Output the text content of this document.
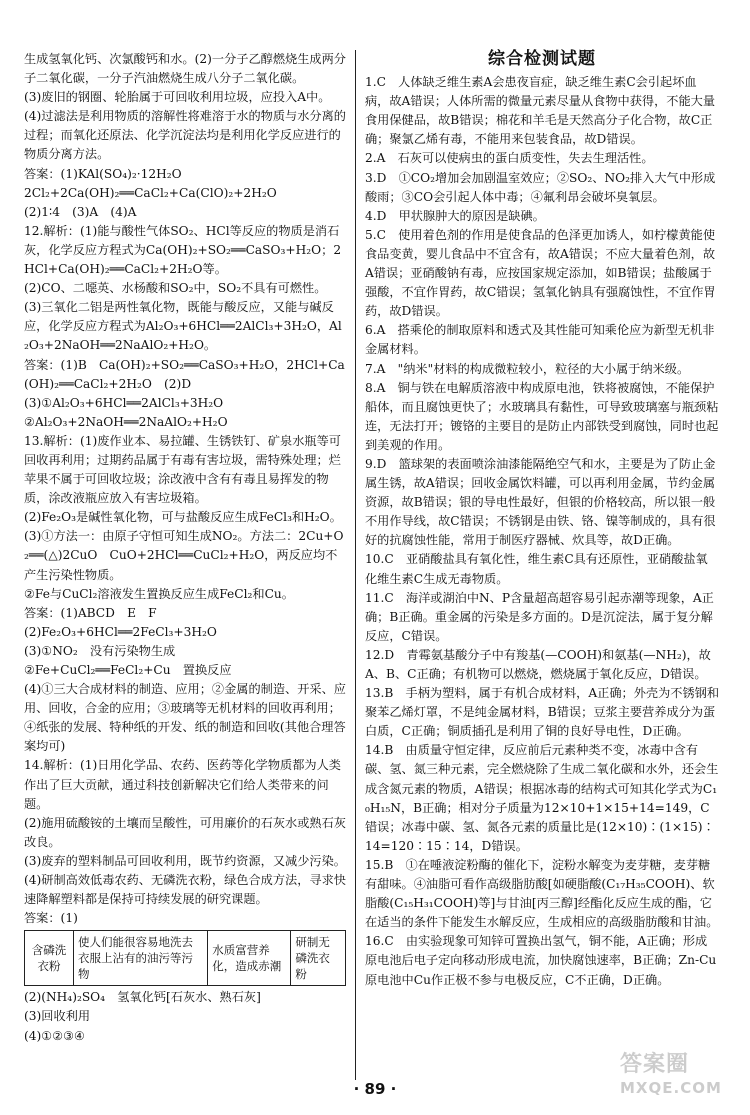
生成氢氧化钙、次氯酸钙和水。(2)一分子乙醇燃烧生成两分子二氧化碳，一分子汽油燃烧生成八分子二氧化碳。

(3)废旧的钢圈、轮胎属于可回收利用垃圾，应投入A中。

(4)过滤法是利用物质的溶解性将难溶于水的物质与水分离的过程；而氧化还原法、化学沉淀法均是利用化学反应进行的物质分离方法。

答案：(1)KAl(SO₄)₂·12H₂O

2Cl₂+2Ca(OH)₂══CaCl₂+Ca(ClO)₂+2H₂O

(2)1∶4　(3)A　(4)A

12.解析：(1)能与酸性气体SO₂、HCl等反应的物质是消石灰，化学反应方程式为Ca(OH)₂+SO₂══CaSO₃+H₂O；2HCl+Ca(OH)₂══CaCl₂+2H₂O等。

(2)CO、二噁英、水杨酸和SO₂中，SO₂不具有可燃性。

(3)三氧化二铝是两性氧化物，既能与酸反应，又能与碱反应，化学反应方程式为Al₂O₃+6HCl══2AlCl₃+3H₂O，Al₂O₃+2NaOH══2NaAlO₂+H₂O。

答案：(1)B　Ca(OH)₂+SO₂══CaSO₃+H₂O，2HCl+Ca(OH)₂══CaCl₂+2H₂O　(2)D

(3)①Al₂O₃+6HCl══2AlCl₃+3H₂O

②Al₂O₃+2NaOH══2NaAlO₂+H₂O

13.解析：(1)废作业本、易拉罐、生锈铁钉、矿泉水瓶等可回收再利用；过期药品属于有毒有害垃圾，需特殊处理；烂苹果不属于可回收垃圾；涂改液中含有有毒且易挥发的物质，涂改液瓶应放入有害垃圾箱。

(2)Fe₂O₃是碱性氧化物，可与盐酸反应生成FeCl₃和H₂O。

(3)①方法一：由原子守恒可知生成NO₂。方法二：2Cu+O₂══(△)2CuO　CuO+2HCl══CuCl₂+H₂O，两反应均不产生污染性物质。

②Fe与CuCl₂溶液发生置换反应生成FeCl₂和Cu。

答案：(1)ABCD　E　F

(2)Fe₂O₃+6HCl══2FeCl₃+3H₂O

(3)①NO₂　没有污染物生成

②Fe+CuCl₂══FeCl₂+Cu　置换反应

(4)①三大合成材料的制造、应用；②金属的制造、开采、应用、回收，合金的应用；③玻璃等无机材料的回收再利用；④纸张的发展、特种纸的开发、纸的制造和回收(其他合理答案均可)

14.解析：(1)日用化学品、农药、医药等化学物质都为人类作出了巨大贡献，通过科技创新解决它们给人类带来的问题。

(2)施用硫酸铵的土壤而呈酸性，可用廉价的石灰水或熟石灰改良。

(3)废弃的塑料制品可回收利用，既节约资源，又减少污染。

(4)研制高效低毒农药、无磷洗衣粉，绿色合成方法，寻求快速降解塑料都是保持可持续发展的研究课题。

答案：(1)

含磷洗衣粉	使人们能很容易地洗去衣服上沾有的油污等污物	水质富营养化，造成赤潮	研制无磷洗衣粉

(2)(NH₄)₂SO₄　氢氧化钙[石灰水、熟石灰]

(3)回收利用

(4)①②③④

综合检测试题

1.C　人体缺乏维生素A会患夜盲症，缺乏维生素C会引起坏血病，故A错误；人体所需的微量元素尽量从食物中获得，不能大量食用保健品，故B错误；棉花和羊毛是天然高分子化合物，故C正确；聚氯乙烯有毒，不能用来包装食品，故D错误。

2.A　石灰可以使病虫的蛋白质变性，失去生理活性。

3.D　①CO₂增加会加剧温室效应；②SO₂、NO₂排入大气中形成酸雨；③CO会引起人体中毒；④氟利昂会破坏臭氧层。

4.D　甲状腺肿大的原因是缺碘。

5.C　使用着色剂的作用是使食品的色泽更加诱人，如柠檬黄能使食品变黄，婴儿食品中不宜含有，故A错误；不应大量着色剂，故A错误；亚硝酸钠有毒，应按国家规定添加，如B错误；盐酸属于强酸，不宜作胃药，故C错误；氢氧化钠具有强腐蚀性，不宜作胃药，故D错误。

6.A　搭乘伦的制取原料和透式及其性能可知乘伦应为新型无机非金属材料。

7.A　"纳米"材料的构成微粒较小，粒径的大小属于纳米级。

8.A　铜与铁在电解质溶液中构成原电池，铁将被腐蚀，不能保护船体，而且腐蚀更快了；水玻璃具有黏性，可导致玻璃塞与瓶颈粘连，无法打开；镀铬的主要目的是防止内部铁受到腐蚀，同时也起到美观的作用。

9.D　篮球架的表面喷涂油漆能隔绝空气和水，主要是为了防止金属生锈，故A错误；回收金属饮料罐，可以再利用金属，节约金属资源，故B错误；银的导电性最好，但银的价格较高，所以银一般不用作导线，故C错误；不锈钢是由铁、铬、镍等制成的，具有很好的抗腐蚀性能，常用于制医疗器械、炊具等，故D正确。

10.C　亚硝酸盐具有氧化性，维生素C具有还原性，亚硝酸盐氧化维生素C生成无毒物质。

11.C　海洋或湖泊中N、P含量超高超容易引起赤潮等现象，A正确；B正确。重金属的污染是多方面的。D是沉淀法，属于复分解反应，C错误。

12.D　青霉氨基酸分子中有羧基(—COOH)和氨基(—NH₂)，故A、B、C正确；有机物可以燃烧，燃烧属于氧化反应，D错误。

13.B　手柄为塑料，属于有机合成材料，A正确；外壳为不锈钢和聚苯乙烯灯罩，不是纯金属材料，B错误；豆浆主要营养成分为蛋白质，C正确；铜质插孔是利用了铜的良好导电性，D正确。

14.B　由质量守恒定律，反应前后元素种类不变，冰毒中含有碳、氢、氮三种元素，完全燃烧除了生成二氧化碳和水外，还会生成含氮元素的物质，A错误；根据冰毒的结构式可知其化学式为C₁₀H₁₅N，B正确；相对分子质量为12×10+1×15+14=149，C错误；冰毒中碳、氢、氮各元素的质量比是(12×10)∶(1×15)∶14=120∶15∶14，D错误。

15.B　①在唾液淀粉酶的催化下，淀粉水解变为麦芽糖，麦芽糖有甜味。④油脂可看作高级脂肪酸[如硬脂酸(C₁₇H₃₅COOH)、软脂酸(C₁₅H₃₁COOH)等]与甘油[丙三醇]经酯化反应生成的酯，它在适当的条件下能发生水解反应，生成相应的高级脂肪酸和甘油。

16.C　由实验现象可知锌可置换出氢气，铜不能，A正确；形成原电池后电子定向移动形成电流，加快腐蚀速率，B正确；Zn-Cu原电池中Cu作正极不参与电极反应，C不正确，D正确。

· 89 ·
答案圈
MXQE.COM
